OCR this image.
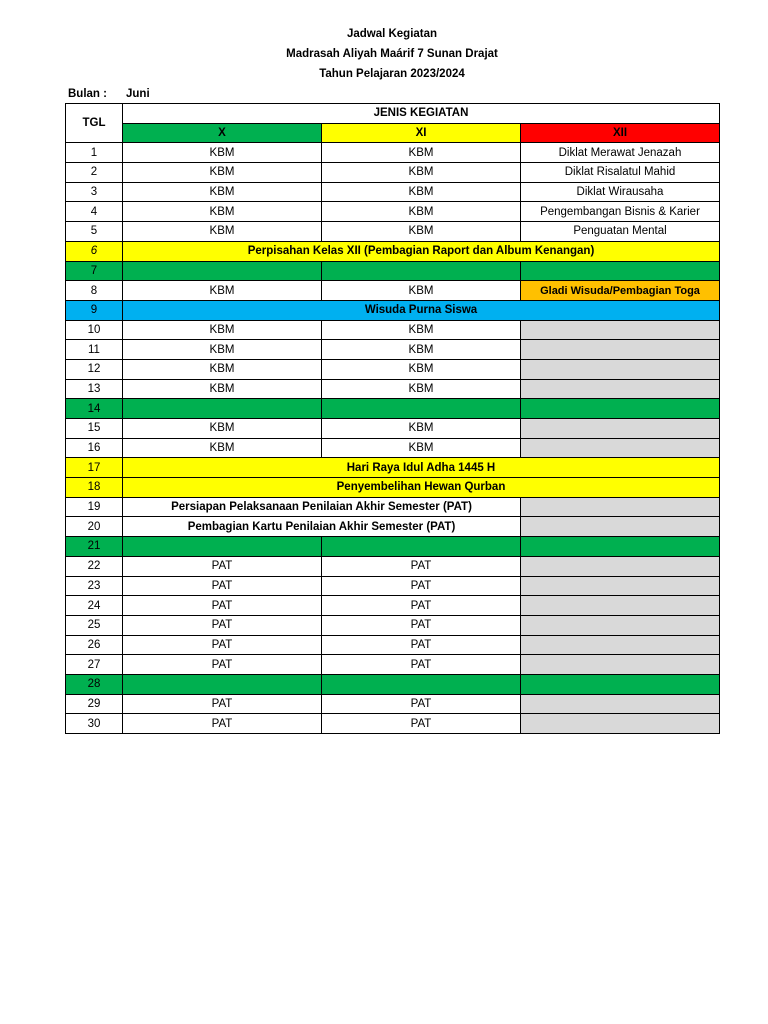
Jadwal Kegiatan
Madrasah Aliyah Maárif 7 Sunan Drajat
Tahun Pelajaran 2023/2024
Bulan : Juni
TGL	JENIS KEGIATAN		
	X	XI	XII
1	KBM	KBM	Diklat Merawat Jenazah
2	KBM	KBM	Diklat Risalatul Mahid
3	KBM	KBM	Diklat Wirausaha
4	KBM	KBM	Pengembangan Bisnis & Karier
5	KBM	KBM	Penguatan Mental
6	Perpisahan Kelas XII (Pembagian Raport dan Album Kenangan)		
7			
8	KBM	KBM	Gladi Wisuda/Pembagian Toga
9	Wisuda Purna Siswa		
10	KBM	KBM	
11	KBM	KBM	
12	KBM	KBM	
13	KBM	KBM	
14			
15	KBM	KBM	
16	KBM	KBM	
17	Hari Raya Idul Adha 1445 H		
18	Penyembelihan Hewan Qurban		
19	Persiapan Pelaksanaan Penilaian Akhir Semester (PAT)		
20	Pembagian Kartu Penilaian Akhir Semester (PAT)		
21			
22	PAT	PAT	
23	PAT	PAT	
24	PAT	PAT	
25	PAT	PAT	
26	PAT	PAT	
27	PAT	PAT	
28			
29	PAT	PAT	
30	PAT	PAT	
